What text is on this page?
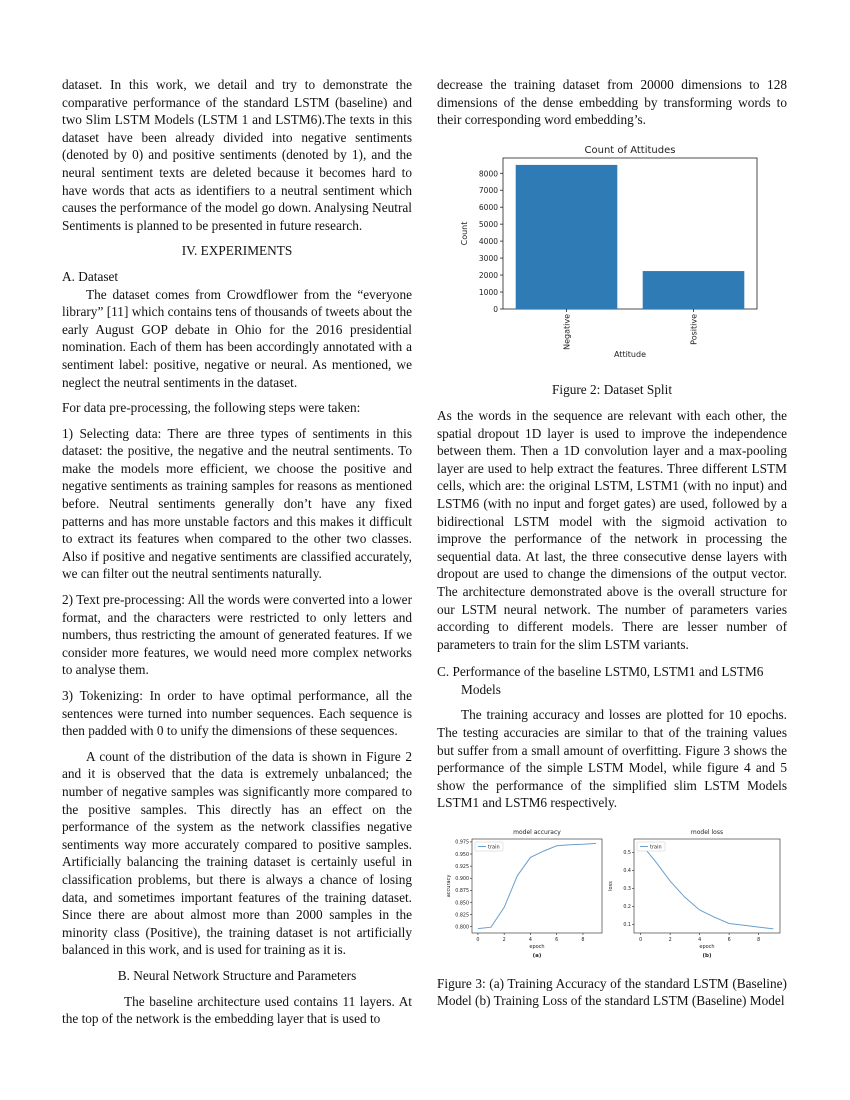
dataset. In this work, we detail and try to demonstrate the comparative performance of the standard LSTM (baseline) and two Slim LSTM Models (LSTM 1 and LSTM6).The texts in this dataset have been already divided into negative sentiments (denoted by 0) and positive sentiments (denoted by 1), and the neural sentiment texts are deleted because it becomes hard to have words that acts as identifiers to a neutral sentiment which causes the performance of the model go down. Analysing Neutral Sentiments is planned to be presented in future research.

IV. EXPERIMENTS

A. Dataset

The dataset comes from Crowdflower from the “everyone library” [11] which contains tens of thousands of tweets about the early August GOP debate in Ohio for the 2016 presidential nomination. Each of them has been accordingly annotated with a sentiment label: positive, negative or neural. As mentioned, we neglect the neutral sentiments in the dataset.

For data pre-processing, the following steps were taken:

1) Selecting data: There are three types of sentiments in this dataset: the positive, the negative and the neutral sentiments. To make the models more efficient, we choose the positive and negative sentiments as training samples for reasons as mentioned before. Neutral sentiments generally don’t have any fixed patterns and has more unstable factors and this makes it difficult to extract its features when compared to the other two classes. Also if positive and negative sentiments are classified accurately, we can filter out the neutral sentiments naturally.

2) Text pre-processing: All the words were converted into a lower format, and the characters were restricted to only letters and numbers, thus restricting the amount of generated features. If we consider more features, we would need more complex networks to analyse them.

3) Tokenizing: In order to have optimal performance, all the sentences were turned into number sequences. Each sequence is then padded with 0 to unify the dimensions of these sequences.

A count of the distribution of the data is shown in Figure 2 and it is observed that the data is extremely unbalanced; the number of negative samples was significantly more compared to the positive samples. This directly has an effect on the performance of the system as the network classifies negative sentiments way more accurately compared to positive samples. Artificially balancing the training dataset is certainly useful in classification problems, but there is always a chance of losing data, and sometimes important features of the training dataset. Since there are about almost more than 2000 samples in the minority class (Positive), the training dataset is not artificially balanced in this work, and is used for training as it is.

B. Neural Network Structure and Parameters

The baseline architecture used contains 11 layers. At the top of the network is the embedding layer that is used to

decrease the training dataset from 20000 dimensions to 128 dimensions of the dense embedding by transforming words to their corresponding word embedding’s.

Count of Attitudes
0
1000
2000
3000
4000
5000
6000
7000
8000
Count
Negative	Positive
Attitude

Figure 2: Dataset Split

As the words in the sequence are relevant with each other, the spatial dropout 1D layer is used to improve the independence between them. Then a 1D convolution layer and a max-pooling layer are used to help extract the features. Three different LSTM cells, which are: the original LSTM, LSTM1 (with no input) and LSTM6 (with no input and forget gates) are used, followed by a bidirectional LSTM model with the sigmoid activation to improve the performance of the network in processing the sequential data. At last, the three consecutive dense layers with dropout are used to change the dimensions of the output vector. The architecture demonstrated above is the overall structure for our LSTM neural network. The number of parameters varies according to different models. There are lesser number of parameters to train for the slim LSTM variants.

C. Performance of the baseline LSTM0, LSTM1 and LSTM6 Models

The training accuracy and losses are plotted for 10 epochs. The testing accuracies are similar to that of the training values but suffer from a small amount of overfitting. Figure 3 shows the performance of the simple LSTM Model, while figure 4 and 5 show the performance of the simplified slim LSTM Models LSTM1 and LSTM6 respectively.

model accuracy
0.800
0.825
0.850
0.875
0.900
0.925
0.950
0.975
0	2	4	6	8
epoch
accuracy
train
(a)
model loss
0.1
0.2
0.3
0.4
0.5
0	2	4	6	8
epoch
loss
train
(b)

Figure 3: (a) Training Accuracy of the standard LSTM (Baseline) Model (b) Training Loss of the standard LSTM (Baseline) Model
